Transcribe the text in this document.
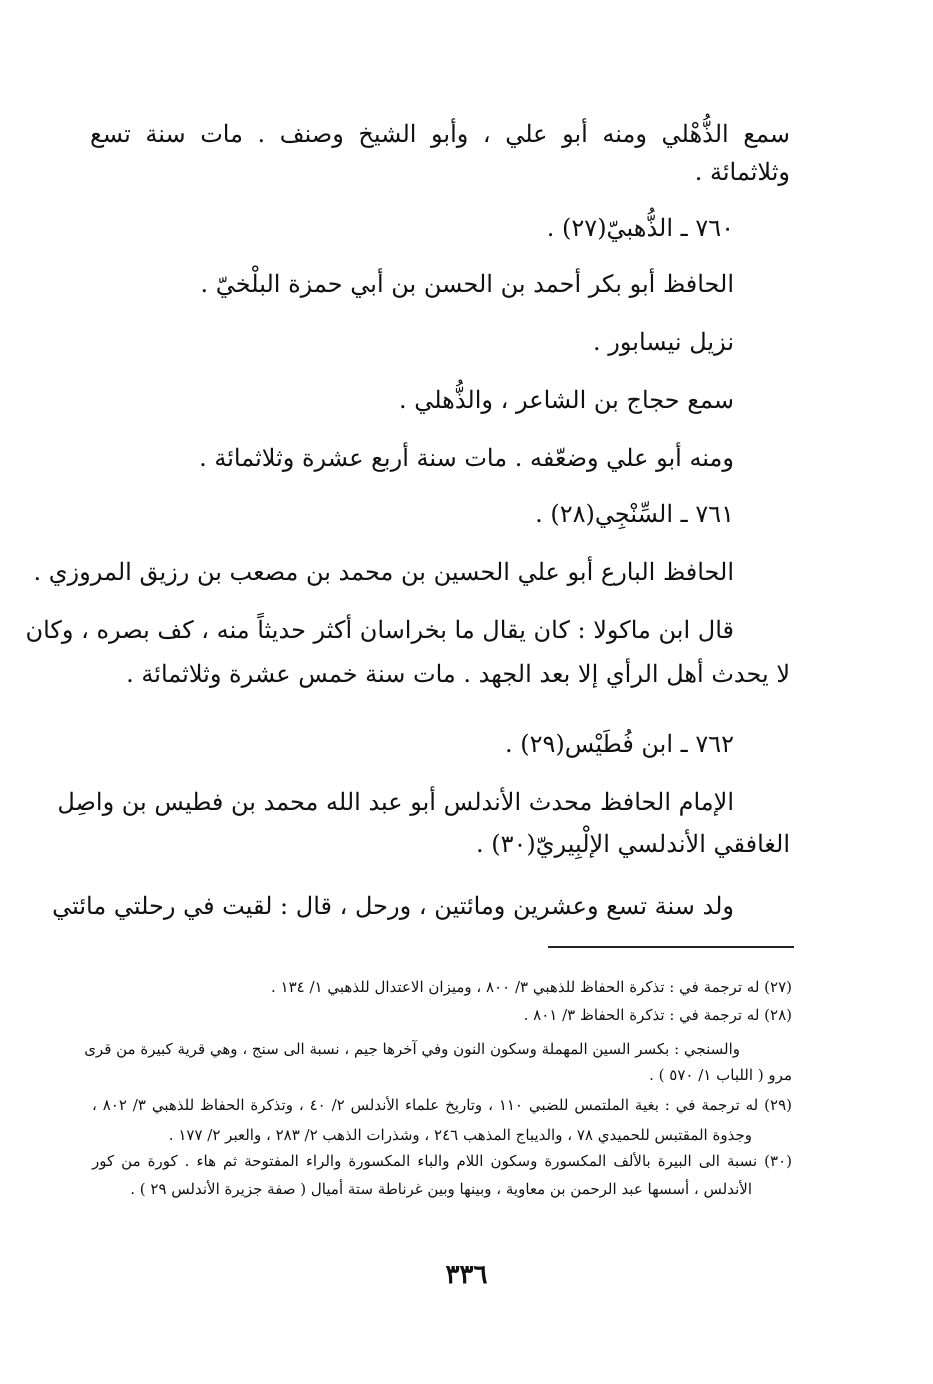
سمع الذُّهْلي ومنه أبو علي ، وأبو الشيخ وصنف . مات سنة تسع
وثلاثمائة .
٧٦٠ ـ الذُّهبيّ(٢٧) .
الحافظ أبو بكر أحمد بن الحسن بن أبي حمزة البلْخيّ .
نزيل نيسابور .
سمع حجاج بن الشاعر ، والذُّهلي .
ومنه أبو علي وضعّفه . مات سنة أربع عشرة وثلاثمائة .
٧٦١ ـ السِّنْجِي(٢٨) .
الحافظ البارع أبو علي الحسين بن محمد بن مصعب بن رزيق المروزي .
قال ابن ماكولا : كان يقال ما بخراسان أكثر حديثاً منه ، كف بصره ، وكان
لا يحدث أهل الرأي إلا بعد الجهد . مات سنة خمس عشرة وثلاثمائة .
٧٦٢ ـ ابن فُطَيْس(٢٩) .
الإمام الحافظ محدث الأندلس أبو عبد الله محمد بن فطيس بن واصِل
الغافقي الأندلسي الإلْبِيريّ(٣٠) .
ولد سنة تسع وعشرين ومائتين ، ورحل ، قال : لقيت في رحلتي مائتي
(٢٧) له ترجمة في : تذكرة الحفاظ للذهبي ٣/ ٨٠٠ ، وميزان الاعتدال للذهبي ١/ ١٣٤ .
(٢٨) له ترجمة في : تذكرة الحفاظ ٣/ ٨٠١ .
والسنجي : بكسر السين المهملة وسكون النون وفي آخرها جيم ، نسبة الى سنج ، وهي قرية كبيرة من قرى
مرو ( اللباب ١/ ٥٧٠ ) .
(٢٩) له ترجمة في : بغية الملتمس للضبي ١١٠ ، وتاريخ علماء الأندلس ٢/ ٤٠ ، وتذكرة الحفاظ للذهبي ٣/ ٨٠٢ ،
وجذوة المقتبس للحميدي ٧٨ ، والديباج المذهب ٢٤٦ ، وشذرات الذهب ٢/ ٢٨٣ ، والعبر ٢/ ١٧٧ .
(٣٠) نسبة الى البيرة بالألف المكسورة وسكون اللام والباء المكسورة والراء المفتوحة ثم هاء . كورة من كور
الأندلس ، أسسها عبد الرحمن بن معاوية ، وبينها وبين غرناطة ستة أميال ( صفة جزيرة الأندلس ٢٩ ) .
٣٣٦
